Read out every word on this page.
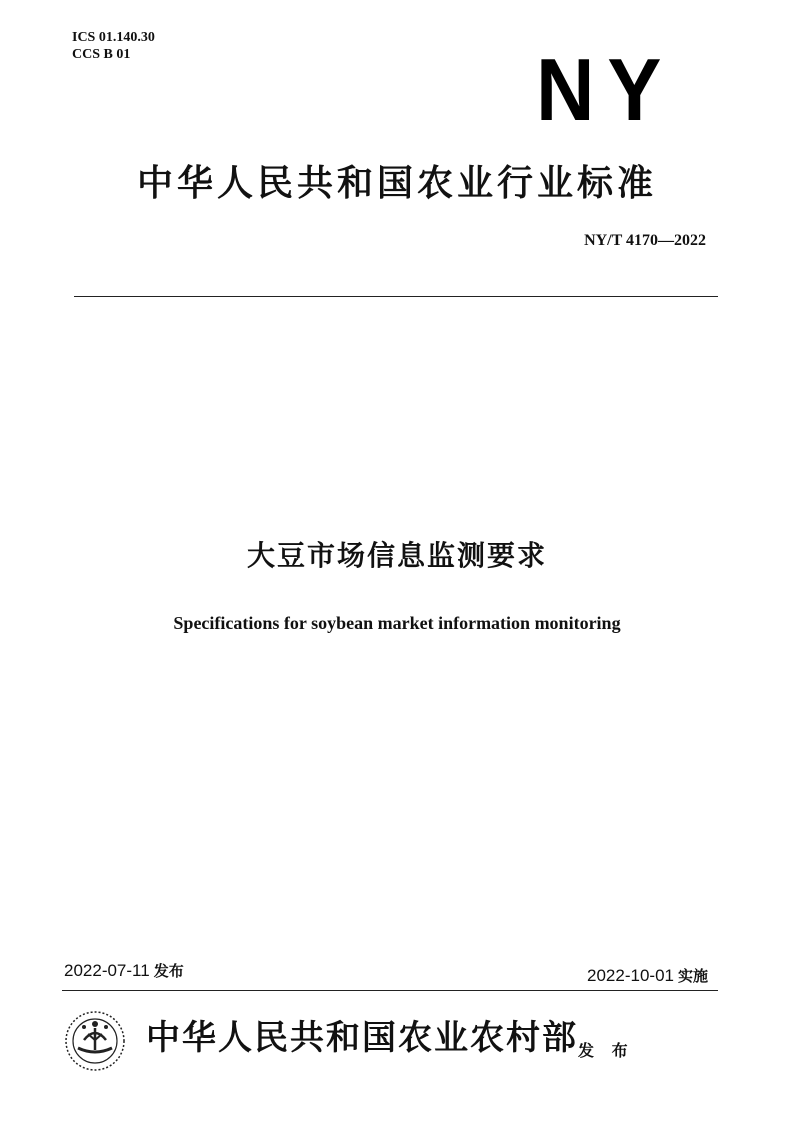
ICS 01.140.30
CCS B 01	NY
中华人民共和国农业行业标准
NY/T 4170—2022
大豆市场信息监测要求
Specifications for soybean market information monitoring
2022-07-11 发布	2022-10-01 实施
中华人民共和国农业农村部 发 布
